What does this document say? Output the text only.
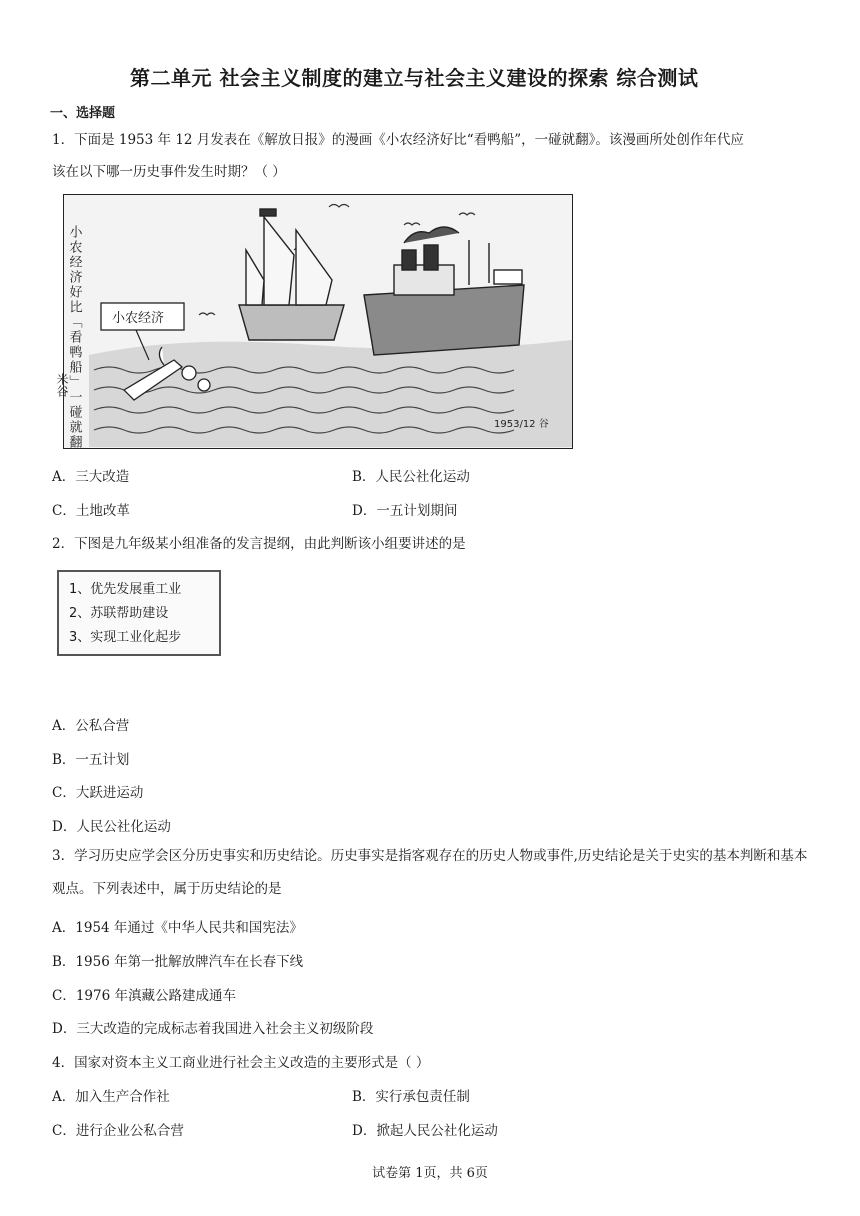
第二单元 社会主义制度的建立与社会主义建设的探索 综合测试
一、选择题
1．下面是 1953 年 12 月发表在《解放日报》的漫画《小农经济好比“看鸭船”，一碰就翻》。该漫画所处创作年代应
该在以下哪一历史事件发生时期？（ ）
小农经济好比「看鸭船」一碰就翻
米谷
小农经济
1953/12 谷
A．三大改造	B．人民公社化运动
C．土地改革	D．一五计划期间
2．下图是九年级某小组准备的发言提纲，由此判断该小组要讲述的是
1、优先发展重工业
2、苏联帮助建设
3、实现工业化起步
A．公私合营
B．一五计划
C．大跃进运动
D．人民公社化运动
3．学习历史应学会区分历史事实和历史结论。历史事实是指客观存在的历史人物或事件,历史结论是关于史实的基本判断和基本观点。下列表述中，属于历史结论的是
A．1954 年通过《中华人民共和国宪法》
B．1956 年第一批解放牌汽车在长春下线
C．1976 年滇藏公路建成通车
D．三大改造的完成标志着我国进入社会主义初级阶段
4．国家对资本主义工商业进行社会主义改造的主要形式是（ ）
A．加入生产合作社	B．实行承包责任制
C．进行企业公私合营	D．掀起人民公社化运动
试卷第 1页，共 6页
